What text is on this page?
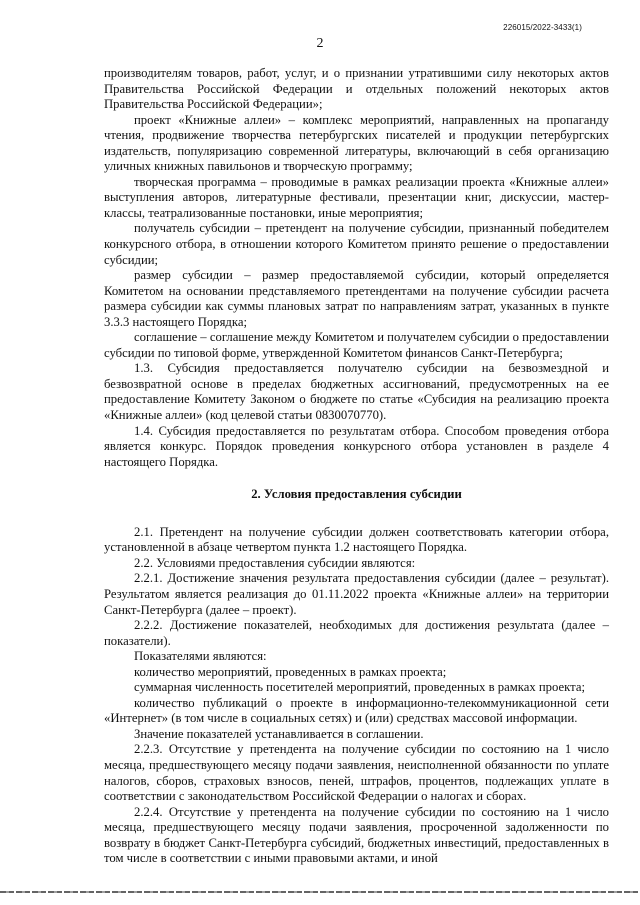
226015/2022-3433(1)
2

производителям товаров, работ, услуг, и о признании утратившими силу некоторых актов Правительства Российской Федерации и отдельных положений некоторых актов Правительства Российской Федерации»;

проект «Книжные аллеи» – комплекс мероприятий, направленных на пропаганду чтения, продвижение творчества петербургских писателей и продукции петербургских издательств, популяризацию современной литературы, включающий в себя организацию уличных книжных павильонов и творческую программу;

творческая программа – проводимые в рамках реализации проекта «Книжные аллеи» выступления авторов, литературные фестивали, презентации книг, дискуссии, мастер-классы, театрализованные постановки, иные мероприятия;

получатель субсидии – претендент на получение субсидии, признанный победителем конкурсного отбора, в отношении которого Комитетом принято решение о предоставлении субсидии;

размер субсидии – размер предоставляемой субсидии, который определяется Комитетом на основании представляемого претендентами на получение субсидии расчета размера субсидии как суммы плановых затрат по направлениям затрат, указанных в пункте 3.3.3 настоящего Порядка;

соглашение – соглашение между Комитетом и получателем субсидии о предоставлении субсидии по типовой форме, утвержденной Комитетом финансов Санкт-Петербурга;

1.3. Субсидия предоставляется получателю субсидии на безвозмездной и безвозвратной основе в пределах бюджетных ассигнований, предусмотренных на ее предоставление Комитету Законом о бюджете по статье «Субсидия на реализацию проекта «Книжные аллеи» (код целевой статьи 0830070770).

1.4. Субсидия предоставляется по результатам отбора. Способом проведения отбора является конкурс. Порядок проведения конкурсного отбора установлен в разделе 4 настоящего Порядка.

2. Условия предоставления субсидии

2.1. Претендент на получение субсидии должен соответствовать категории отбора, установленной в абзаце четвертом пункта 1.2 настоящего Порядка.

2.2. Условиями предоставления субсидии являются:

2.2.1. Достижение значения результата предоставления субсидии (далее – результат). Результатом является реализация до 01.11.2022 проекта «Книжные аллеи» на территории Санкт-Петербурга (далее – проект).

2.2.2. Достижение показателей, необходимых для достижения результата (далее – показатели).

Показателями являются:

количество мероприятий, проведенных в рамках проекта;

суммарная численность посетителей мероприятий, проведенных в рамках проекта;

количество публикаций о проекте в информационно-телекоммуникационной сети «Интернет» (в том числе в социальных сетях) и (или) средствах массовой информации.

Значение показателей устанавливается в соглашении.

2.2.3. Отсутствие у претендента на получение субсидии по состоянию на 1 число месяца, предшествующего месяцу подачи заявления, неисполненной обязанности по уплате налогов, сборов, страховых взносов, пеней, штрафов, процентов, подлежащих уплате в соответствии с законодательством Российской Федерации о налогах и сборах.

2.2.4. Отсутствие у претендента на получение субсидии по состоянию на 1 число месяца, предшествующего месяцу подачи заявления, просроченной задолженности по возврату в бюджет Санкт-Петербурга субсидий, бюджетных инвестиций, предоставленных в том числе в соответствии с иными правовыми актами, и иной
